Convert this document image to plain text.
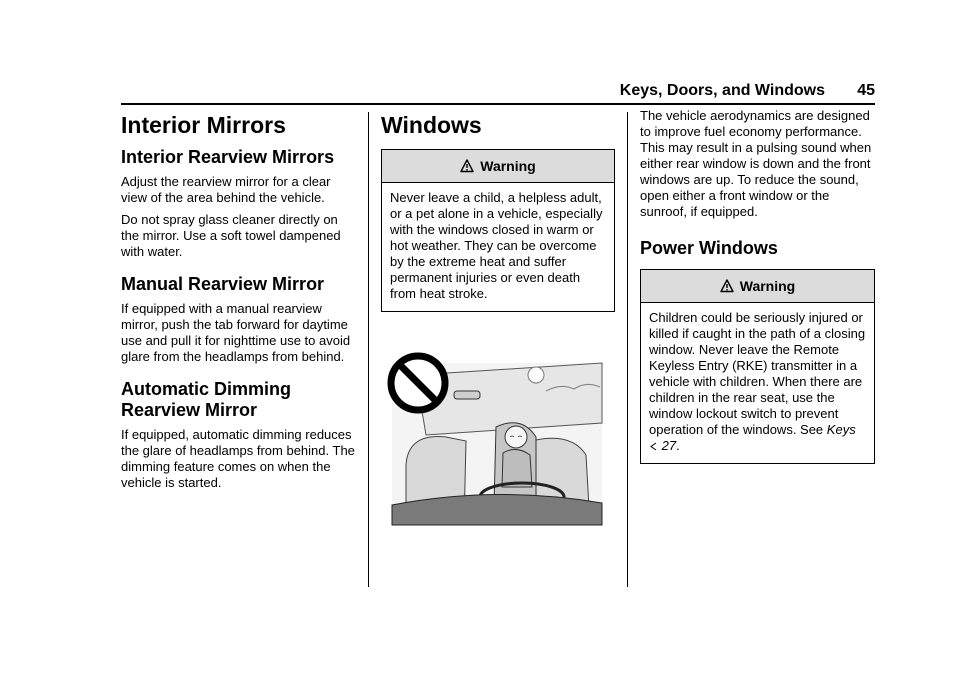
Keys, Doors, and Windows 45
Interior Mirrors
Interior Rearview Mirrors

Adjust the rearview mirror for a clear view of the area behind the vehicle.

Do not spray glass cleaner directly on the mirror. Use a soft towel dampened with water.

Manual Rearview Mirror

If equipped with a manual rearview mirror, push the tab forward for daytime use and pull it for nighttime use to avoid glare from the headlamps from behind.

Automatic Dimming Rearview Mirror

If equipped, automatic dimming reduces the glare of headlamps from behind. The dimming feature comes on when the vehicle is started.

Windows
Warning
Never leave a child, a helpless adult, or a pet alone in a vehicle, especially with the windows closed in warm or hot weather. They can be overcome by the extreme heat and suffer permanent injuries or even death from heat stroke.

The vehicle aerodynamics are designed to improve fuel economy performance. This may result in a pulsing sound when either rear window is down and the front windows are up. To reduce the sound, open either a front window or the sunroof, if equipped.

Power Windows
Warning
Children could be seriously injured or killed if caught in the path of a closing window. Never leave the Remote Keyless Entry (RKE) transmitter in a vehicle with children. When there are children in the rear seat, use the window lockout switch to prevent operation of the windows. See Keys  27.
